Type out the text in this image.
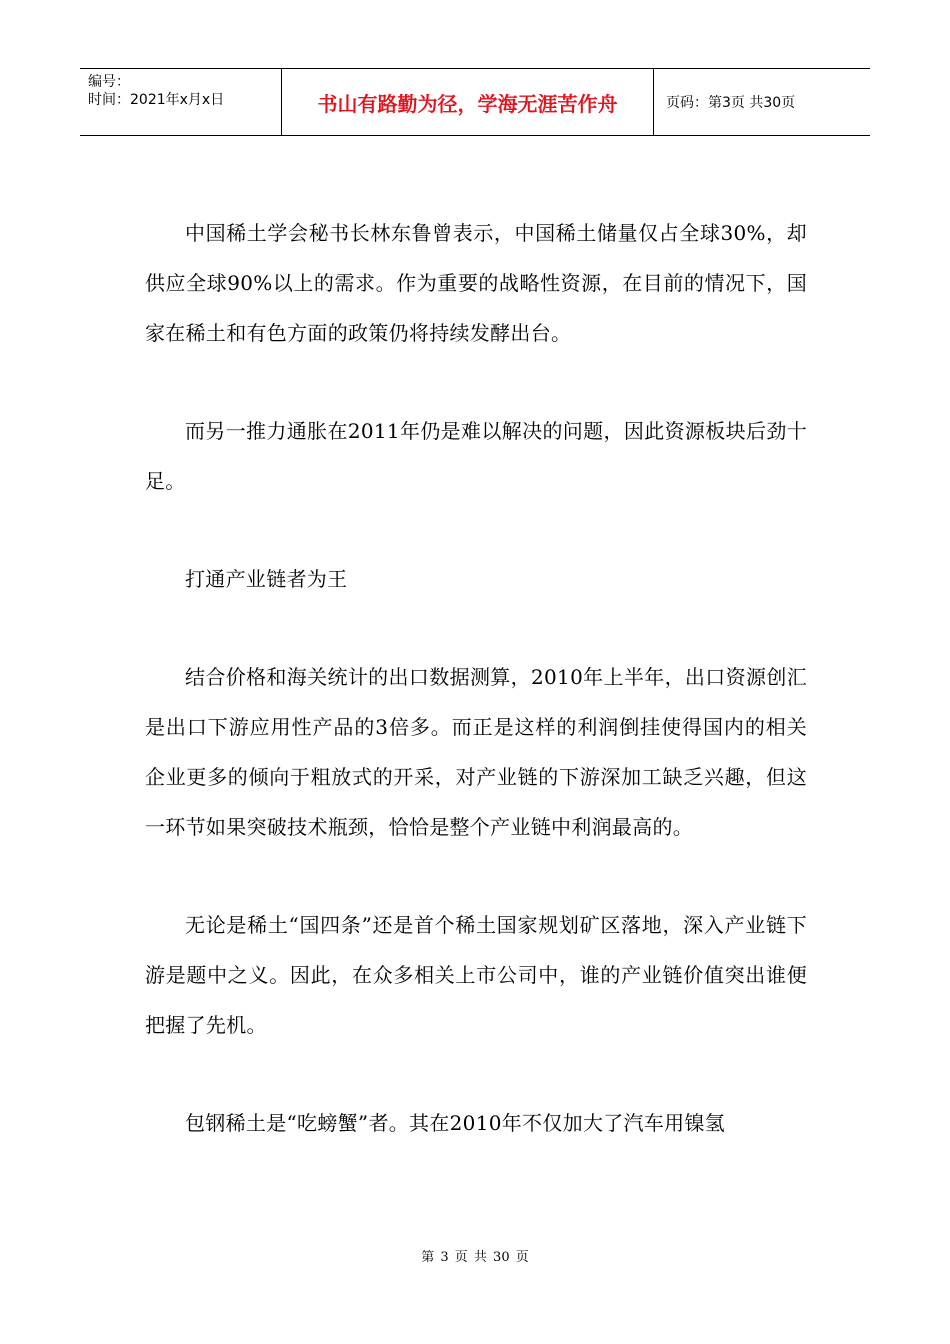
编号：
时间：2021年x月x日	书山有路勤为径，学海无涯苦作舟	页码：第3页 共30页

中国稀土学会秘书长林东鲁曾表示，中国稀土储量仅占全球30%，却供应全球90%以上的需求。作为重要的战略性资源，在目前的情况下，国家在稀土和有色方面的政策仍将持续发酵出台。

而另一推力通胀在2011年仍是难以解决的问题，因此资源板块后劲十足。

打通产业链者为王

结合价格和海关统计的出口数据测算，2010年上半年，出口资源创汇是出口下游应用性产品的3倍多。而正是这样的利润倒挂使得国内的相关企业更多的倾向于粗放式的开采，对产业链的下游深加工缺乏兴趣，但这一环节如果突破技术瓶颈，恰恰是整个产业链中利润最高的。

无论是稀土“国四条”还是首个稀土国家规划矿区落地，深入产业链下游是题中之义。因此，在众多相关上市公司中，谁的产业链价值突出谁便把握了先机。

包钢稀土是“吃螃蟹”者。其在2010年不仅加大了汽车用镍氢

第 3 页 共 30 页
